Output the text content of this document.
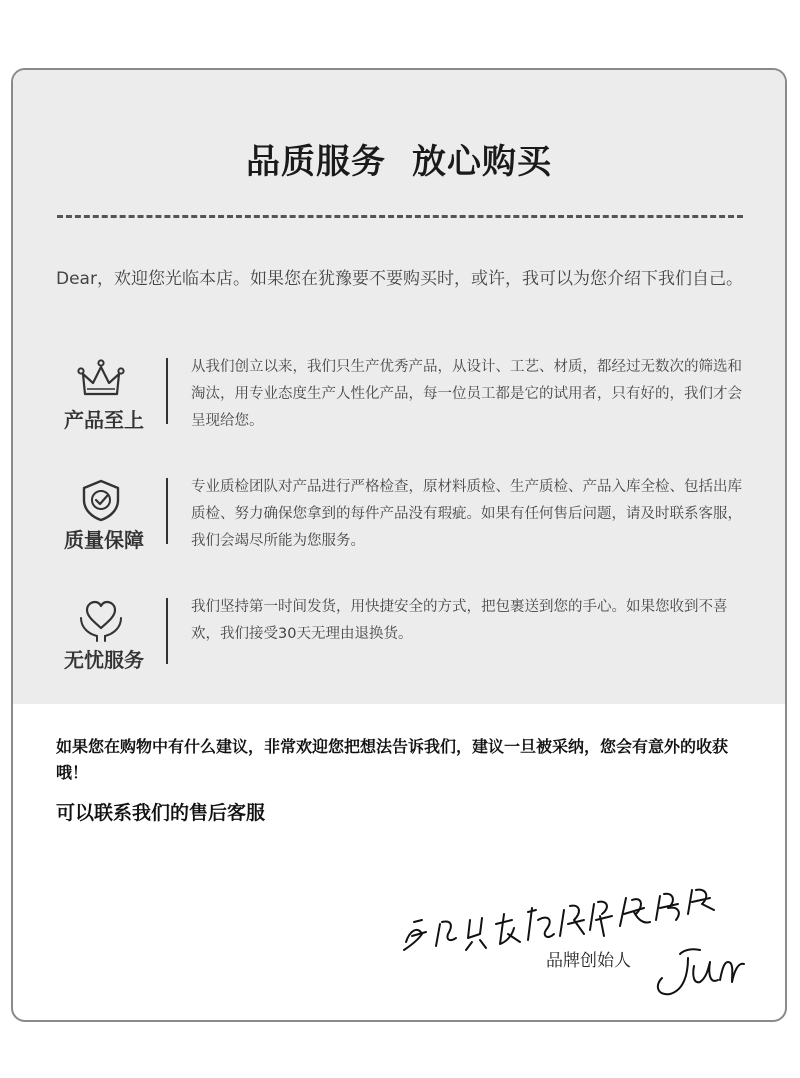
品质服务 放心购买
Dear，欢迎您光临本店。如果您在犹豫要不要购买时，或许，我可以为您介绍下我们自己。
产品至上
从我们创立以来，我们只生产优秀产品，从设计、工艺、材质，都经过无数次的筛选和淘汰，用专业态度生产人性化产品，每一位员工都是它的试用者，只有好的，我们才会呈现给您。
质量保障
专业质检团队对产品进行严格检查，原材料质检、生产质检、产品入库全检、包括出库质检、努力确保您拿到的每件产品没有瑕疵。如果有任何售后问题，请及时联系客服，我们会竭尽所能为您服务。
无忧服务
我们坚持第一时间发货，用快捷安全的方式，把包裹送到您的手心。如果您收到不喜欢，我们接受30天无理由退换货。
如果您在购物中有什么建议，非常欢迎您把想法告诉我们，建议一旦被采纳，您会有意外的收获哦！
可以联系我们的售后客服
品牌创始人
